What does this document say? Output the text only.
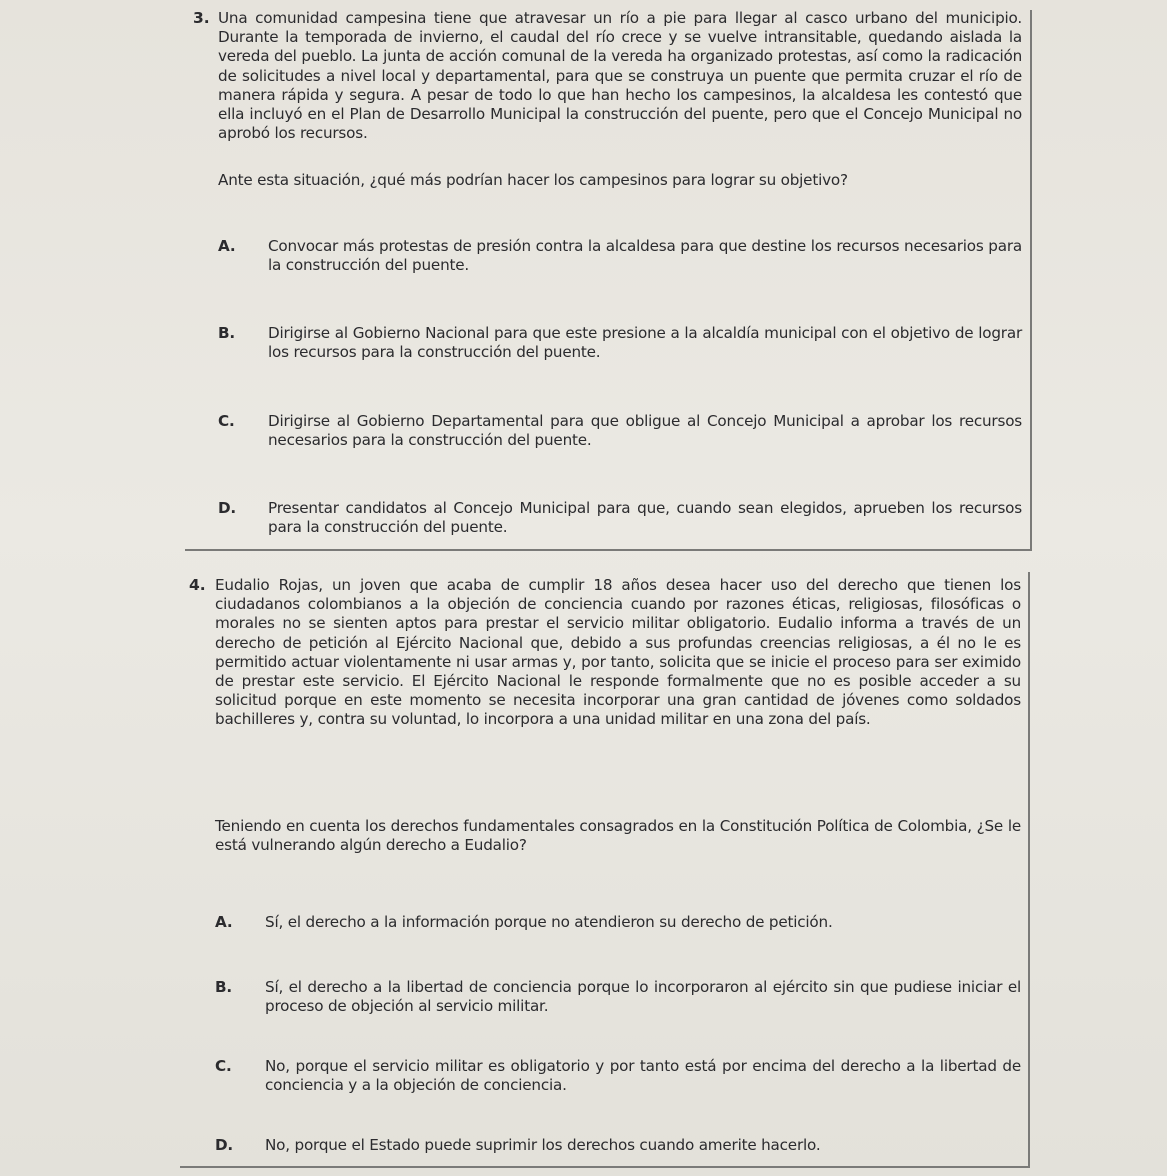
3. Una comunidad campesina tiene que atravesar un río a pie para llegar al casco urbano del municipio. Durante la temporada de invierno, el caudal del río crece y se vuelve intransitable, quedando aislada la vereda del pueblo. La junta de acción comunal de la vereda ha organizado protestas, así como la radicación de solicitudes a nivel local y departamental, para que se construya un puente que permita cruzar el río de manera rápida y segura. A pesar de todo lo que han hecho los campesinos, la alcaldesa les contestó que ella incluyó en el Plan de Desarrollo Municipal la construcción del puente, pero que el Concejo Municipal no aprobó los recursos.
Ante esta situación, ¿qué más podrían hacer los campesinos para lograr su objetivo?
A. Convocar más protestas de presión contra la alcaldesa para que destine los recursos necesarios para la construcción del puente.
B. Dirigirse al Gobierno Nacional para que este presione a la alcaldía municipal con el objetivo de lograr los recursos para la construcción del puente.
C. Dirigirse al Gobierno Departamental para que obligue al Concejo Municipal a aprobar los recursos necesarios para la construcción del puente.
D. Presentar candidatos al Concejo Municipal para que, cuando sean elegidos, aprueben los recursos para la construcción del puente.
4. Eudalio Rojas, un joven que acaba de cumplir 18 años desea hacer uso del derecho que tienen los ciudadanos colombianos a la objeción de conciencia cuando por razones éticas, religiosas, filosóficas o morales no se sienten aptos para prestar el servicio militar obligatorio. Eudalio informa a través de un derecho de petición al Ejército Nacional que, debido a sus profundas creencias religiosas, a él no le es permitido actuar violentamente ni usar armas y, por tanto, solicita que se inicie el proceso para ser eximido de prestar este servicio. El Ejército Nacional le responde formalmente que no es posible acceder a su solicitud porque en este momento se necesita incorporar una gran cantidad de jóvenes como soldados bachilleres y, contra su voluntad, lo incorpora a una unidad militar en una zona del país.
Teniendo en cuenta los derechos fundamentales consagrados en la Constitución Política de Colombia, ¿Se le está vulnerando algún derecho a Eudalio?
A. Sí, el derecho a la información porque no atendieron su derecho de petición.
B. Sí, el derecho a la libertad de conciencia porque lo incorporaron al ejército sin que pudiese iniciar el proceso de objeción al servicio militar.
C. No, porque el servicio militar es obligatorio y por tanto está por encima del derecho a la libertad de conciencia y a la objeción de conciencia.
D. No, porque el Estado puede suprimir los derechos cuando amerite hacerlo.
